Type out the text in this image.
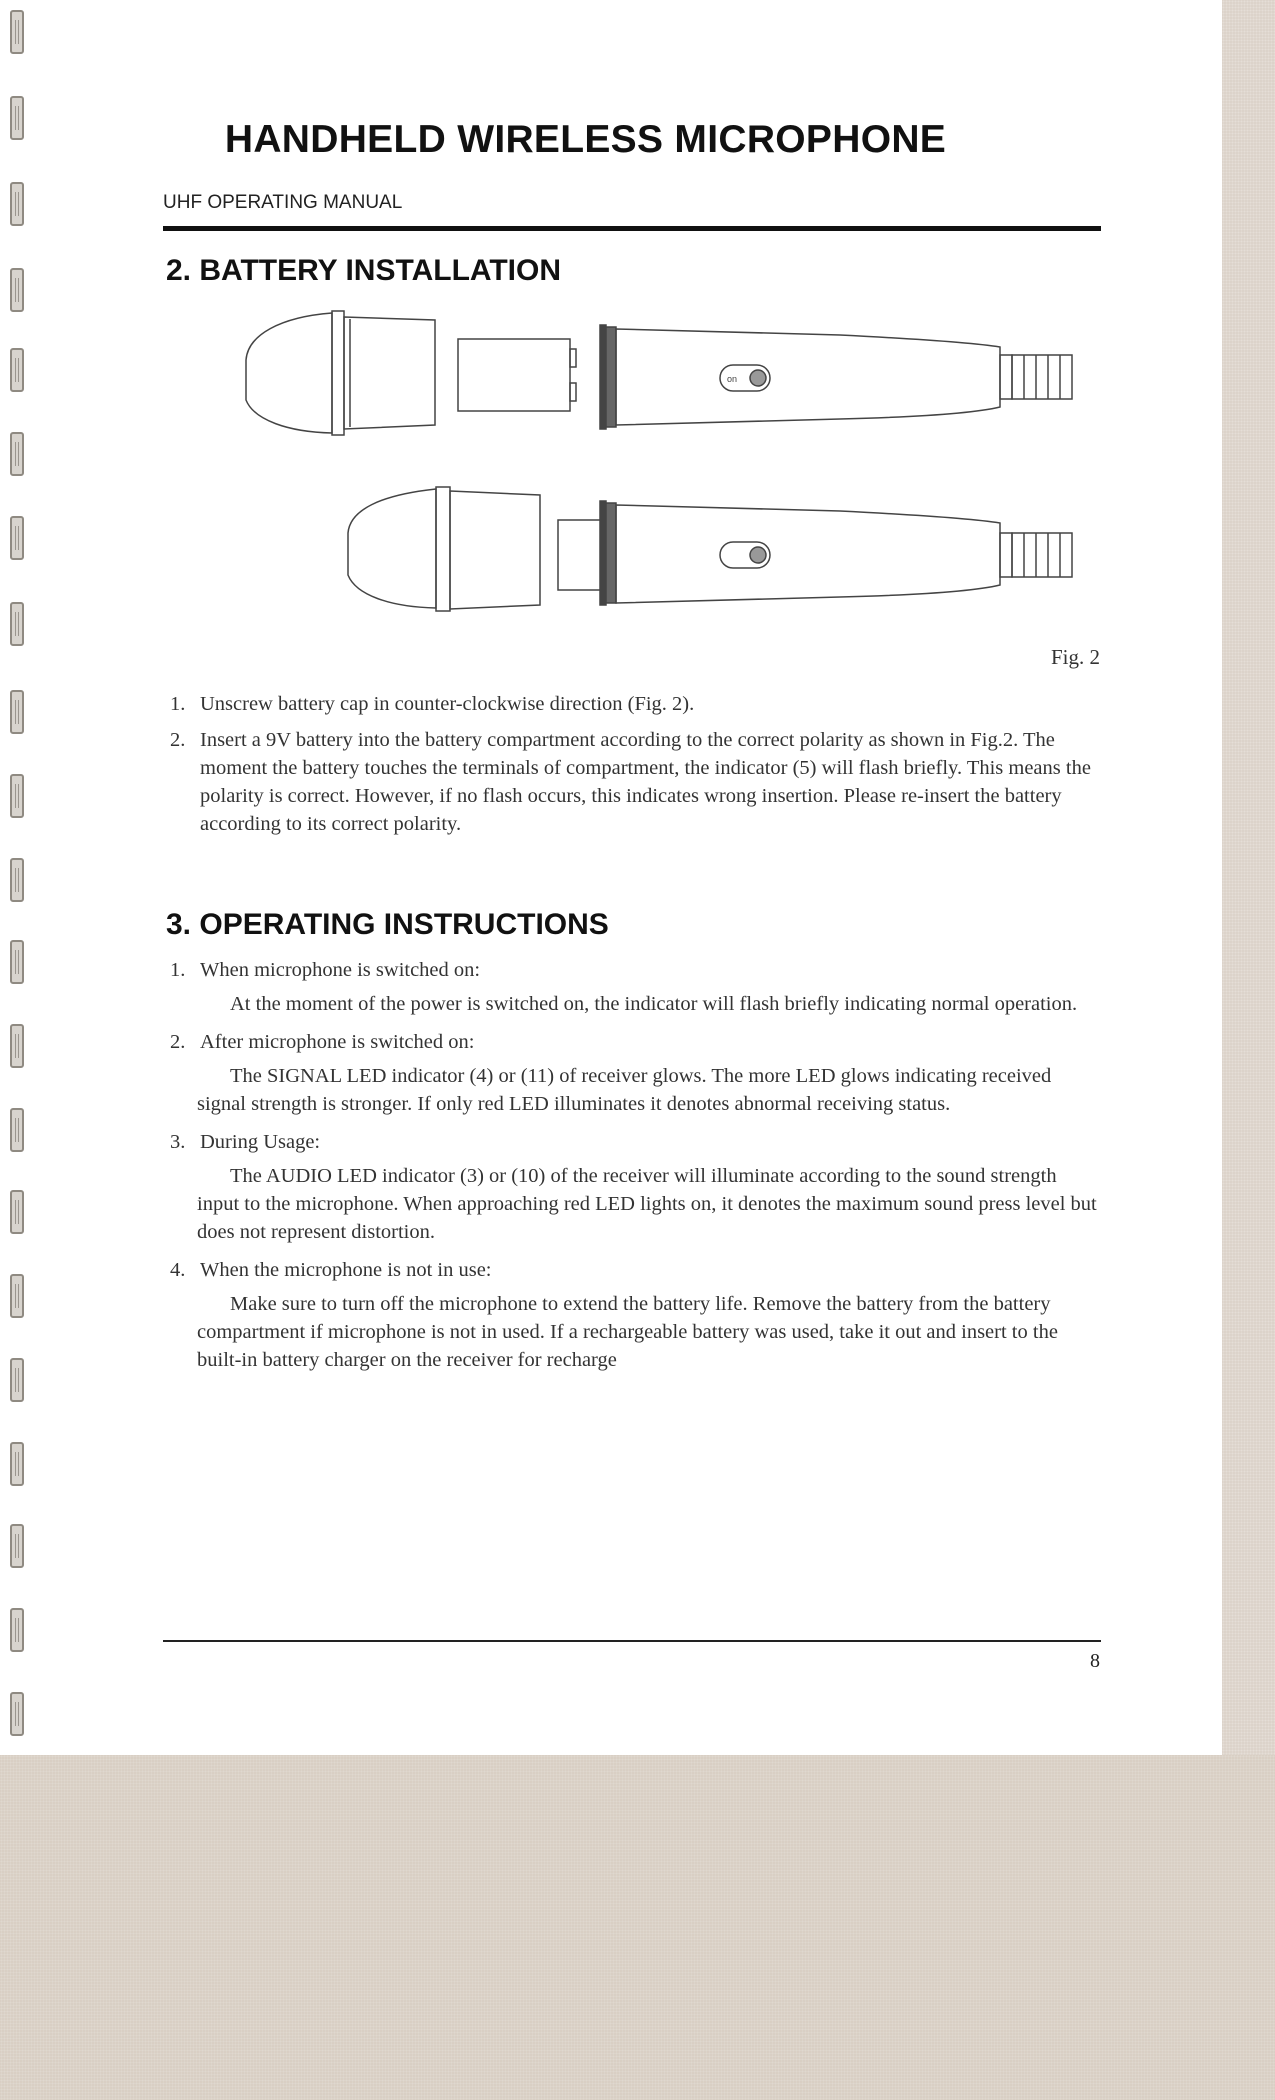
HANDHELD WIRELESS MICROPHONE
UHF OPERATING MANUAL
2. BATTERY INSTALLATION
on
Fig. 2
1. Unscrew battery cap in counter-clockwise direction (Fig. 2).
2. Insert a 9V battery into the battery compartment according to the correct polarity as shown in Fig.2. The moment the battery touches the terminals of compartment, the indicator (5) will flash briefly. This means the polarity is correct. However, if no flash occurs, this indicates wrong insertion. Please re-insert the battery according to its correct polarity.
3. OPERATING INSTRUCTIONS
1. When microphone is switched on:
At the moment of the power is switched on, the indicator will flash briefly indicating normal operation.
2. After microphone is switched on:
The SIGNAL LED indicator (4) or (11) of receiver glows. The more LED glows indicating received signal strength is stronger. If only red LED illuminates it denotes abnormal receiving status.
3. During Usage:
The AUDIO LED indicator (3) or (10) of the receiver will illuminate according to the sound strength input to the microphone. When approaching red LED lights on, it denotes the maximum sound press level but does not represent distortion.
4. When the microphone is not in use:
Make sure to turn off the microphone to extend the battery life. Remove the battery from the battery compartment if microphone is not in used. If a rechargeable battery was used, take it out and insert to the built-in battery charger on the receiver for recharge
8
